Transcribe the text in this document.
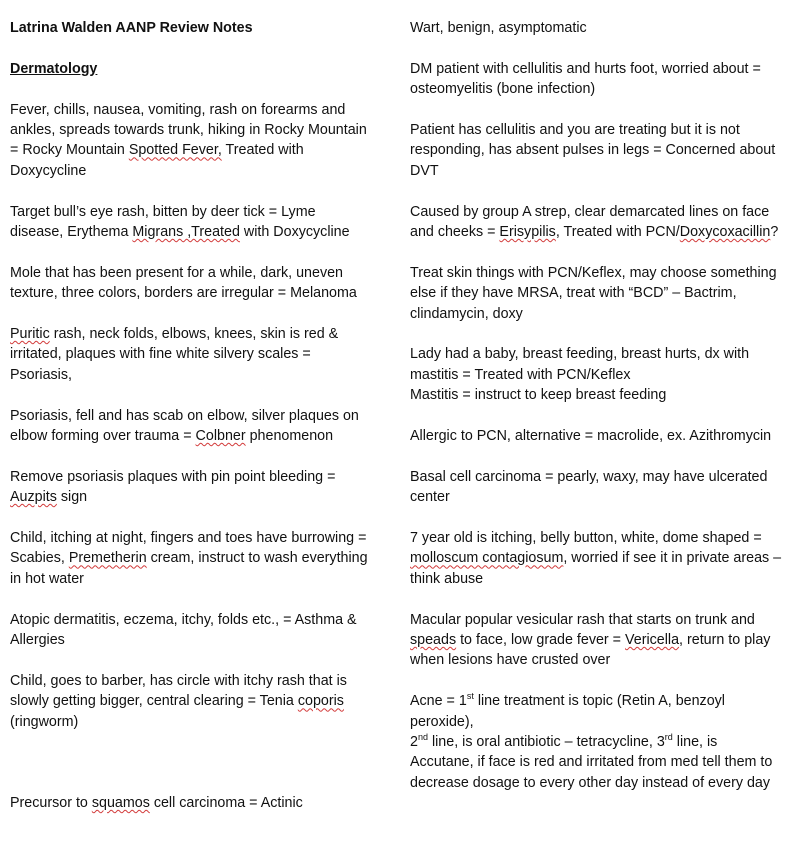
Latrina Walden AANP Review Notes

Dermatology

Fever, chills, nausea, vomiting, rash on forearms and ankles, spreads towards trunk, hiking in Rocky Mountain = Rocky Mountain Spotted Fever, Treated with Doxycycline

Target bull’s eye rash, bitten by deer tick = Lyme disease, Erythema Migrans ,Treated with Doxycycline

Mole that has been present for a while, dark, uneven texture, three colors, borders are irregular = Melanoma

Puritic rash, neck folds, elbows, knees, skin is red & irritated, plaques with fine white silvery scales = Psoriasis,

Psoriasis, fell and has scab on elbow, silver plaques on elbow forming over trauma = Colbner phenomenon

Remove psoriasis plaques with pin point bleeding = Auzpits sign

Child, itching at night, fingers and toes have burrowing = Scabies, Premetherin cream, instruct to wash everything in hot water

Atopic dermatitis, eczema, itchy, folds etc., = Asthma & Allergies

Child, goes to barber, has circle with itchy rash that is slowly getting bigger, central clearing = Tenia coporis (ringworm)

Precursor to squamos cell carcinoma = Actinic

Wart, benign, asymptomatic

DM patient with cellulitis and hurts foot, worried about = osteomyelitis (bone infection)

Patient has cellulitis and you are treating but it is not responding, has absent pulses in legs = Concerned about DVT

Caused by group A strep, clear demarcated lines on face and cheeks = Erisypilis, Treated with PCN/Doxycoxacillin?

Treat skin things with PCN/Keflex, may choose something else if they have MRSA, treat with “BCD” – Bactrim, clindamycin, doxy

Lady had a baby, breast feeding, breast hurts, dx with mastitis = Treated with PCN/Keflex

Mastitis = instruct to keep breast feeding

Allergic to PCN, alternative = macrolide, ex. Azithromycin

Basal cell carcinoma = pearly, waxy, may have ulcerated center

7 year old is itching, belly button, white, dome shaped = molloscum contagiosum, worried if see it in private areas – think abuse

Macular popular vesicular rash that starts on trunk and speads to face, low grade fever = Vericella, return to play when lesions have crusted over

Acne = 1st line treatment is topic (Retin A, benzoyl peroxide),
2nd line, is oral antibiotic – tetracycline, 3rd line, is Accutane, if face is red and irritated from med tell them to decrease dosage to every other day instead of every day
